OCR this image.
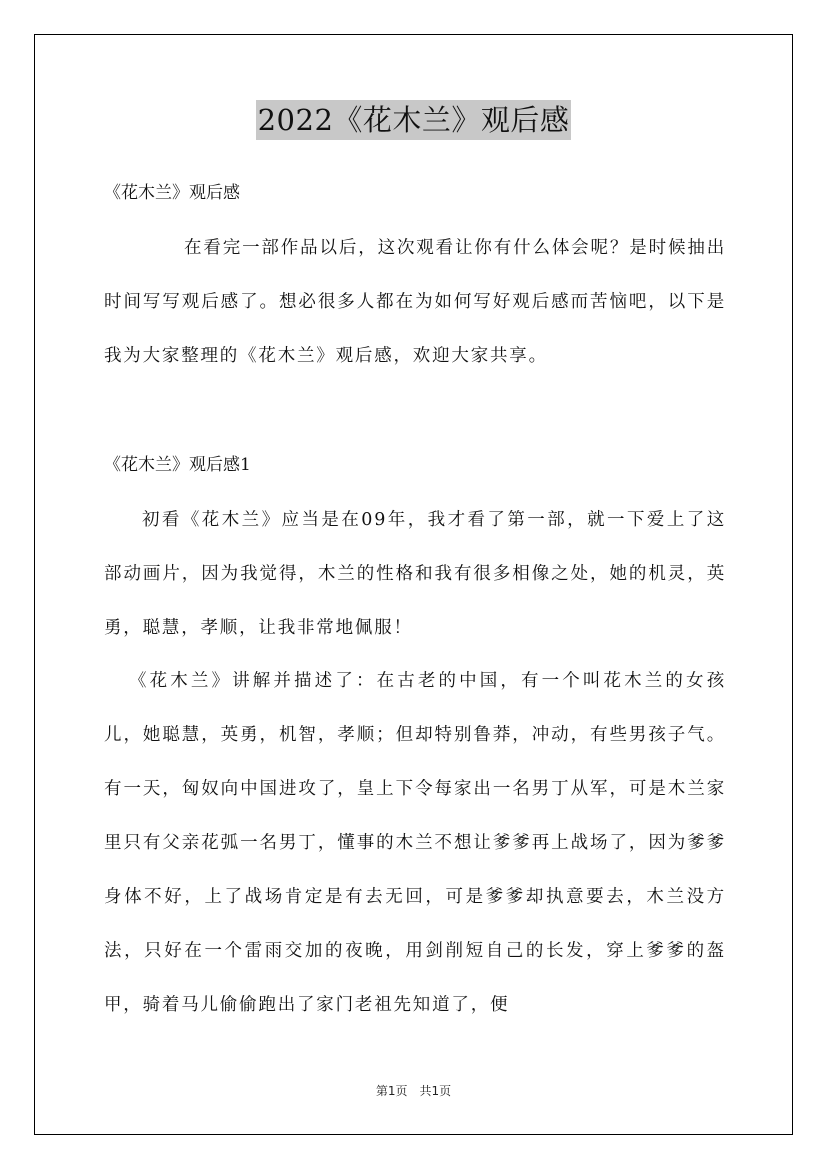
2022《花木兰》观后感
《花木兰》观后感
在看完一部作品以后，这次观看让你有什么体会呢？是时候抽出时间写写观后感了。想必很多人都在为如何写好观后感而苦恼吧，以下是我为大家整理的《花木兰》观后感，欢迎大家共享。
《花木兰》观后感1
初看《花木兰》应当是在09年，我才看了第一部，就一下爱上了这部动画片，因为我觉得，木兰的性格和我有很多相像之处，她的机灵，英勇，聪慧，孝顺，让我非常地佩服！
《花木兰》讲解并描述了：在古老的中国，有一个叫花木兰的女孩儿，她聪慧，英勇，机智，孝顺；但却特别鲁莽，冲动，有些男孩子气。有一天，匈奴向中国进攻了，皇上下令每家出一名男丁从军，可是木兰家里只有父亲花弧一名男丁，懂事的木兰不想让爹爹再上战场了，因为爹爹身体不好，上了战场肯定是有去无回，可是爹爹却执意要去，木兰没方法，只好在一个雷雨交加的夜晚，用剑削短自己的长发，穿上爹爹的盔甲，骑着马儿偷偷跑出了家门老祖先知道了，便
第1页　共1页
